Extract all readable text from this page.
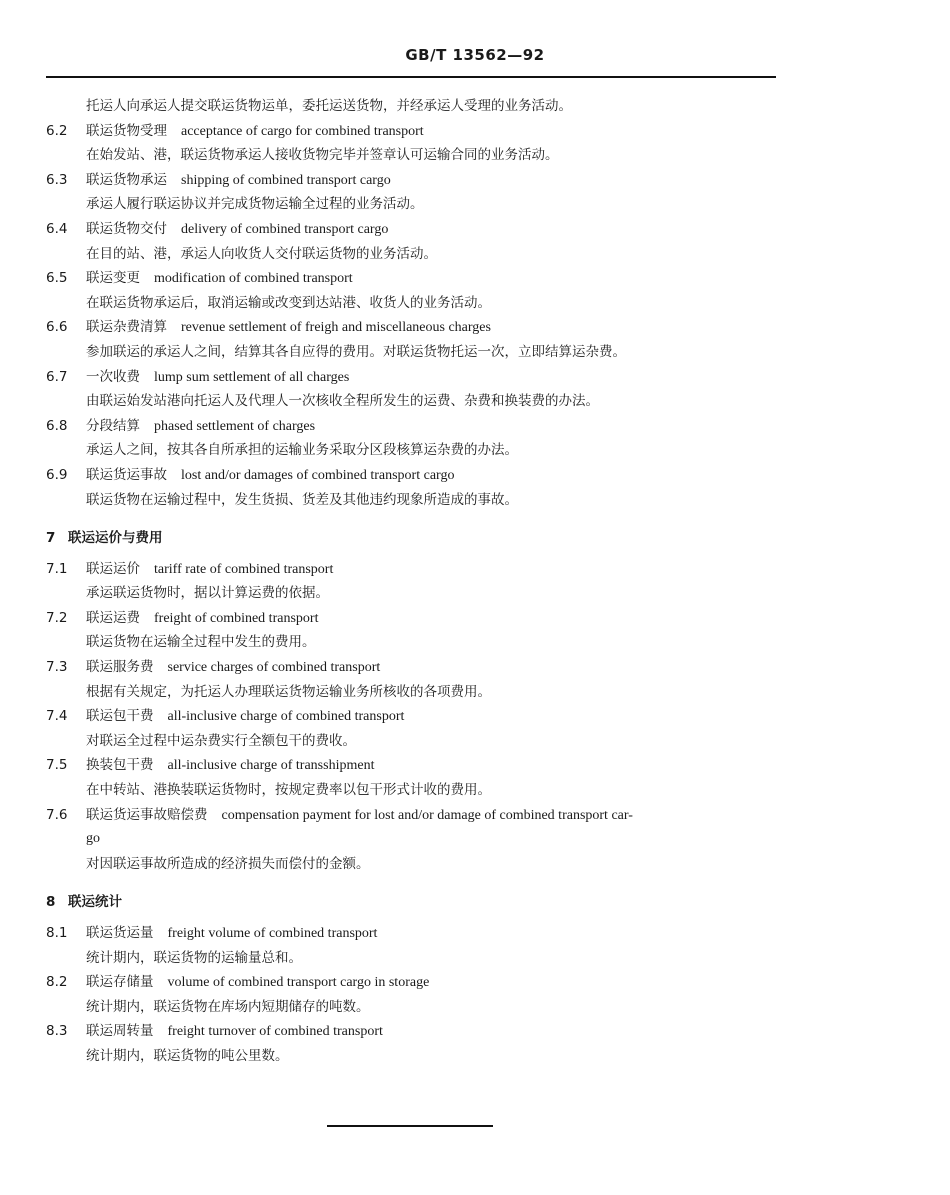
GB/T 13562—92
托运人向承运人提交联运货物运单，委托运送货物，并经承运人受理的业务活动。
6.2 联运货物受理 acceptance of cargo for combined transport
在始发站、港，联运货物承运人接收货物完毕并签章认可运输合同的业务活动。
6.3 联运货物承运 shipping of combined transport cargo
承运人履行联运协议并完成货物运输全过程的业务活动。
6.4 联运货物交付 delivery of combined transport cargo
在目的站、港，承运人向收货人交付联运货物的业务活动。
6.5 联运变更 modification of combined transport
在联运货物承运后，取消运输或改变到达站港、收货人的业务活动。
6.6 联运杂费清算 revenue settlement of freigh and miscellaneous charges
参加联运的承运人之间，结算其各自应得的费用。对联运货物托运一次，立即结算运杂费。
6.7 一次收费 lump sum settlement of all charges
由联运始发站港向托运人及代理人一次核收全程所发生的运费、杂费和换装费的办法。
6.8 分段结算 phased settlement of charges
承运人之间，按其各自所承担的运输业务采取分区段核算运杂费的办法。
6.9 联运货运事故 lost and/or damages of combined transport cargo
联运货物在运输过程中，发生货损、货差及其他违约现象所造成的事故。
7 联运运价与费用
7.1 联运运价 tariff rate of combined transport
承运联运货物时，据以计算运费的依据。
7.2 联运运费 freight of combined transport
联运货物在运输全过程中发生的费用。
7.3 联运服务费 service charges of combined transport
根据有关规定，为托运人办理联运货物运输业务所核收的各项费用。
7.4 联运包干费 all-inclusive charge of combined transport
对联运全过程中运杂费实行全额包干的费收。
7.5 换装包干费 all-inclusive charge of transshipment
在中转站、港换装联运货物时，按规定费率以包干形式计收的费用。
7.6 联运货运事故赔偿费 compensation payment for lost and/or damage of combined transport car-
go
对因联运事故所造成的经济损失而偿付的金额。
8 联运统计
8.1 联运货运量 freight volume of combined transport
统计期内，联运货物的运输量总和。
8.2 联运存储量 volume of combined transport cargo in storage
统计期内，联运货物在库场内短期储存的吨数。
8.3 联运周转量 freight turnover of combined transport
统计期内，联运货物的吨公里数。
